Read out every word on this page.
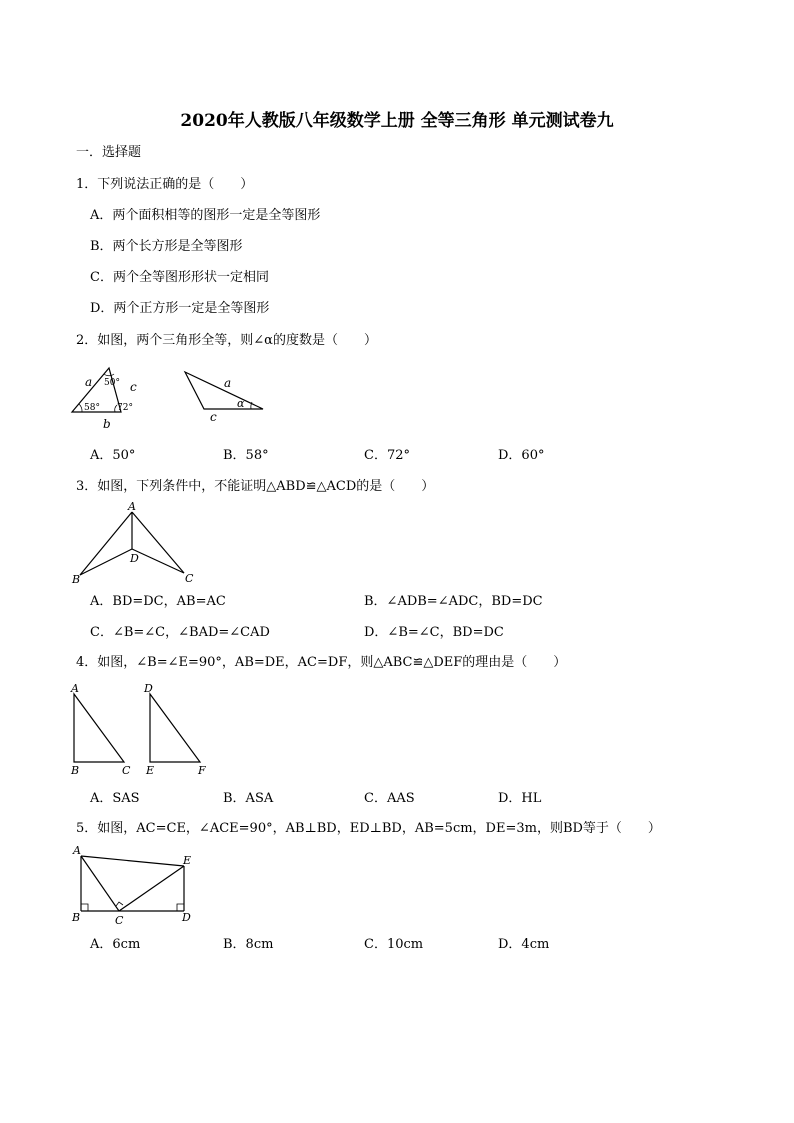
2020年人教版八年级数学上册 全等三角形 单元测试卷九
一．选择题
1．下列说法正确的是（　　）
A．两个面积相等的图形一定是全等图形
B．两个长方形是全等图形
C．两个全等图形形状一定相同
D．两个正方形一定是全等图形
2．如图，两个三角形全等，则∠α的度数是（　　）
a	c
b
50°
58° 72°
a
c
α
A．50°	B．58°	C．72°	D．60°
3．如图，下列条件中，不能证明△ABD≌△ACD的是（　　）
A
B	C
D
A．BD=DC，AB=AC	B．∠ADB=∠ADC，BD=DC
C．∠B=∠C，∠BAD=∠CAD	D．∠B=∠C，BD=DC
4．如图，∠B=∠E=90°，AB=DE，AC=DF，则△ABC≌△DEF的理由是（　　）
A
B	C
D
E	F
A．SAS	B．ASA	C．AAS	D．HL
5．如图，AC=CE，∠ACE=90°，AB⊥BD，ED⊥BD，AB=5cm，DE=3m，则BD等于（　　）
A
B	C	D
E
A．6cm	B．8cm	C．10cm	D．4cm
